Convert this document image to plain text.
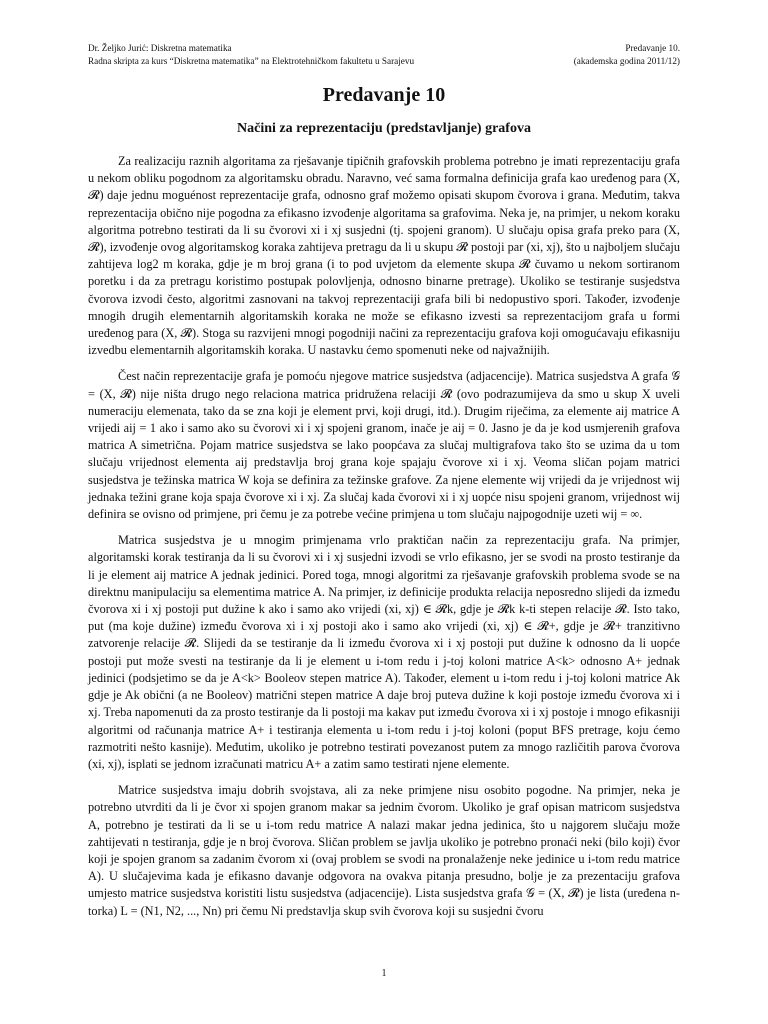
Dr. Željko Jurić: Diskretna matematika
Radna skripta za kurs “Diskretna matematika” na Elektrotehničkom fakultetu u Sarajevu
Predavanje 10.
(akademska godina 2011/12)
Predavanje 10
Načini za reprezentaciju (predstavljanje) grafova

Za realizaciju raznih algoritama za rješavanje tipičnih grafovskih problema potrebno je imati reprezentaciju grafa u nekom obliku pogodnom za algoritamsku obradu. Naravno, već sama formalna definicija grafa kao uređenog para (X, 𝓡) daje jednu moguénost reprezentacije grafa, odnosno graf možemo opisati skupom čvorova i grana. Međutim, takva reprezentacija obično nije pogodna za efikasno izvođenje algoritama sa grafovima. Neka je, na primjer, u nekom koraku algoritma potrebno testirati da li su čvorovi xi i xj susjedni (tj. spojeni granom). U slučaju opisa grafa preko para (X, 𝓡), izvođenje ovog algoritamskog koraka zahtijeva pretragu da li u skupu 𝓡 postoji par (xi, xj), što u najboljem slučaju zahtijeva log2 m koraka, gdje je m broj grana (i to pod uvjetom da elemente skupa 𝓡 čuvamo u nekom sortiranom poretku i da za pretragu koristimo postupak polovljenja, odnosno binarne pretrage). Ukoliko se testiranje susjedstva čvorova izvodi često, algoritmi zasnovani na takvoj reprezentaciji grafa bili bi nedopustivo spori. Također, izvođenje mnogih drugih elementarnih algoritamskih koraka ne može se efikasno izvesti sa reprezentacijom grafa u formi uređenog para (X, 𝓡). Stoga su razvijeni mnogi pogodniji načini za reprezentaciju grafova koji omogućavaju efikasniju izvedbu elementarnih algoritamskih koraka. U nastavku ćemo spomenuti neke od najvažnijih.

Čest način reprezentacije grafa je pomoću njegove matrice susjedstva (adjacencije). Matrica susjedstva A grafa 𝒢 = (X, 𝓡) nije ništa drugo nego relaciona matrica pridružena relaciji 𝓡 (ovo podrazumijeva da smo u skup X uveli numeraciju elemenata, tako da se zna koji je element prvi, koji drugi, itd.). Drugim riječima, za elemente aij matrice A vrijedi aij = 1 ako i samo ako su čvorovi xi i xj spojeni granom, inače je aij = 0. Jasno je da je kod usmjerenih grafova matrica A simetrična. Pojam matrice susjedstva se lako poopćava za slučaj multigrafova tako što se uzima da u tom slučaju vrijednost elementa aij predstavlja broj grana koje spajaju čvorove xi i xj. Veoma sličan pojam matrici susjedstva je težinska matrica W koja se definira za težinske grafove. Za njene elemente wij vrijedi da je vrijednost wij jednaka težini grane koja spaja čvorove xi i xj. Za slučaj kada čvorovi xi i xj uopće nisu spojeni granom, vrijednost wij definira se ovisno od primjene, pri čemu je za potrebe većine primjena u tom slučaju najpogodnije uzeti wij = ∞.

Matrica susjedstva je u mnogim primjenama vrlo praktičan način za reprezentaciju grafa. Na primjer, algoritamski korak testiranja da li su čvorovi xi i xj susjedni izvodi se vrlo efikasno, jer se svodi na prosto testiranje da li je element aij matrice A jednak jedinici. Pored toga, mnogi algoritmi za rješavanje grafovskih problema svode se na direktnu manipulaciju sa elementima matrice A. Na primjer, iz definicije produkta relacija neposredno slijedi da između čvorova xi i xj postoji put dužine k ako i samo ako vrijedi (xi, xj) ∈ 𝓡k, gdje je 𝓡k k-ti stepen relacije 𝓡. Isto tako, put (ma koje dužine) između čvorova xi i xj postoji ako i samo ako vrijedi (xi, xj) ∈ 𝓡+, gdje je 𝓡+ tranzitivno zatvorenje relacije 𝓡. Slijedi da se testiranje da li između čvorova xi i xj postoji put dužine k odnosno da li uopće postoji put može svesti na testiranje da li je element u i-tom redu i j-toj koloni matrice A<k> odnosno A+ jednak jedinici (podsjetimo se da je A<k> Booleov stepen matrice A). Također, element u i-tom redu i j-toj koloni matrice Ak gdje je Ak obični (a ne Booleov) matrični stepen matrice A daje broj puteva dužine k koji postoje između čvorova xi i xj. Treba napomenuti da za prosto testiranje da li postoji ma kakav put između čvorova xi i xj postoje i mnogo efikasniji algoritmi od računanja matrice A+ i testiranja elementa u i-tom redu i j-toj koloni (poput BFS pretrage, koju ćemo razmotriti nešto kasnije). Međutim, ukoliko je potrebno testirati povezanost putem za mnogo različitih parova čvorova (xi, xj), isplati se jednom izračunati matricu A+ a zatim samo testirati njene elemente.

Matrice susjedstva imaju dobrih svojstava, ali za neke primjene nisu osobito pogodne. Na primjer, neka je potrebno utvrditi da li je čvor xi spojen granom makar sa jednim čvorom. Ukoliko je graf opisan matricom susjedstva A, potrebno je testirati da li se u i-tom redu matrice A nalazi makar jedna jedinica, što u najgorem slučaju može zahtijevati n testiranja, gdje je n broj čvorova. Sličan problem se javlja ukoliko je potrebno pronaći neki (bilo koji) čvor koji je spojen granom sa zadanim čvorom xi (ovaj problem se svodi na pronalaženje neke jedinice u i-tom redu matrice A). U slučajevima kada je efikasno davanje odgovora na ovakva pitanja presudno, bolje je za prezentaciju grafova umjesto matrice susjedstva koristiti listu susjedstva (adjacencije). Lista susjedstva grafa 𝒢 = (X, 𝓡) je lista (uređena n-torka) L = (N1, N2, ..., Nn) pri čemu Ni predstavlja skup svih čvorova koji su susjedni čvoru

1
